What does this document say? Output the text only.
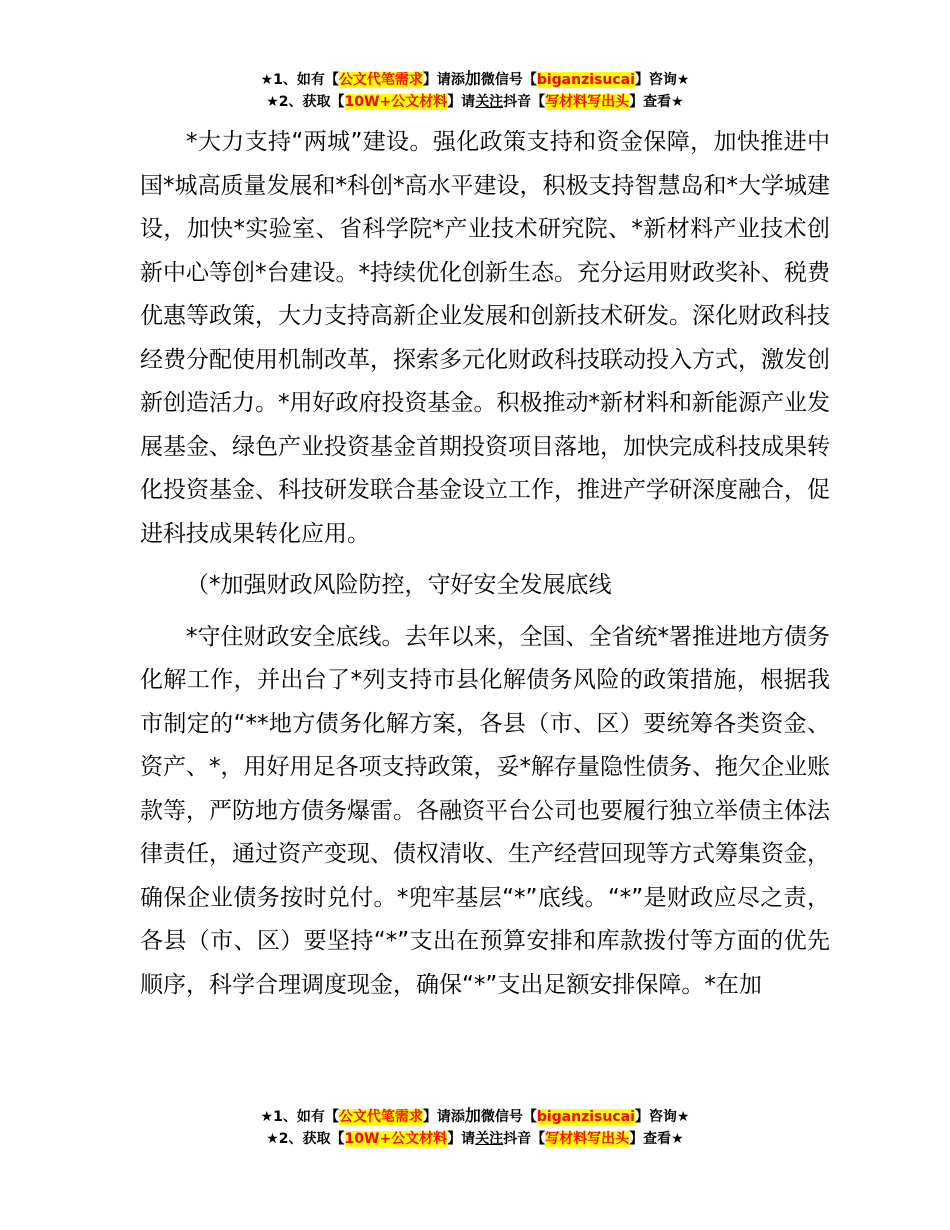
★1、如有【公文代笔需求】请添加微信号【biganzisucai】咨询★
★2、获取【10W+公文材料】请关注抖音【写材料写出头】查看★

*大力支持“两城”建设。强化政策支持和资金保障，加快推进中国*城高质量发展和*科创*高水平建设，积极支持智慧岛和*大学城建设，加快*实验室、省科学院*产业技术研究院、*新材料产业技术创新中心等创*台建设。*持续优化创新生态。充分运用财政奖补、税费优惠等政策，大力支持高新企业发展和创新技术研发。深化财政科技经费分配使用机制改革，探索多元化财政科技联动投入方式，激发创新创造活力。*用好政府投资基金。积极推动*新材料和新能源产业发展基金、绿色产业投资基金首期投资项目落地，加快完成科技成果转化投资基金、科技研发联合基金设立工作，推进产学研深度融合，促进科技成果转化应用。

（*加强财政风险防控，守好安全发展底线

*守住财政安全底线。去年以来，全国、全省统*署推进地方债务化解工作，并出台了*列支持市县化解债务风险的政策措施，根据我市制定的“**地方债务化解方案，各县（市、区）要统筹各类资金、资产、*，用好用足各项支持政策，妥*解存量隐性债务、拖欠企业账款等，严防地方债务爆雷。各融资平台公司也要履行独立举债主体法律责任，通过资产变现、债权清收、生产经营回现等方式筹集资金，确保企业债务按时兑付。*兜牢基层“*”底线。“*”是财政应尽之责，各县（市、区）要坚持“*”支出在预算安排和库款拨付等方面的优先顺序，科学合理调度现金，确保“*”支出足额安排保障。*在加

★1、如有【公文代笔需求】请添加微信号【biganzisucai】咨询★
★2、获取【10W+公文材料】请关注抖音【写材料写出头】查看★
